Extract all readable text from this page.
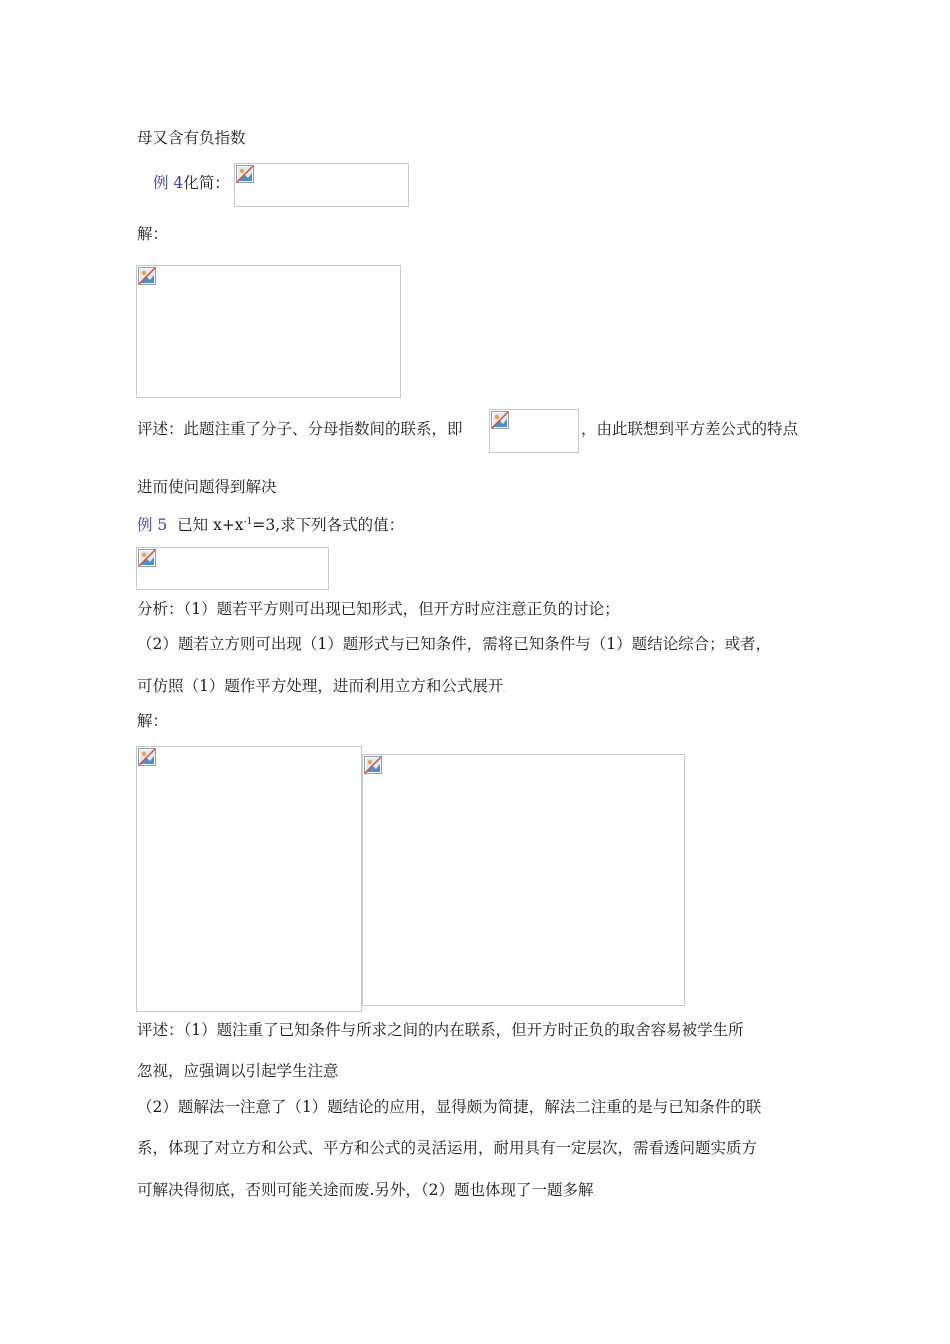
母又含有负指数
例 4化简：
解：
评述：此题注重了分子、分母指数间的联系，即	，由此联想到平方差公式的特点
进而使问题得到解决。
例 5 已知 $x+x^{-1}=3$,求下列各式的值：
分析：（1）题若平方则可出现已知形式，但开方时应注意正负的讨论；
（2）题若立方则可出现（1）题形式与已知条件，需将已知条件与（1）题结论综合；或者，
可仿照（1）题作平方处理，进而利用立方和公式展开。
解：
评述：（1）题注重了已知条件与所求之间的内在联系，但开方时正负的取舍容易被学生所
忽视，应强调以引起学生注意。
（2）题解法一注意了（1）题结论的应用，显得颇为简捷，解法二注重的是与已知条件的联
系，体现了对立方和公式、平方和公式的灵活运用，耐用具有一定层次，需看透问题实质方
可解决得彻底，否则可能关途而废.另外，（2）题也体现了一题多解。
